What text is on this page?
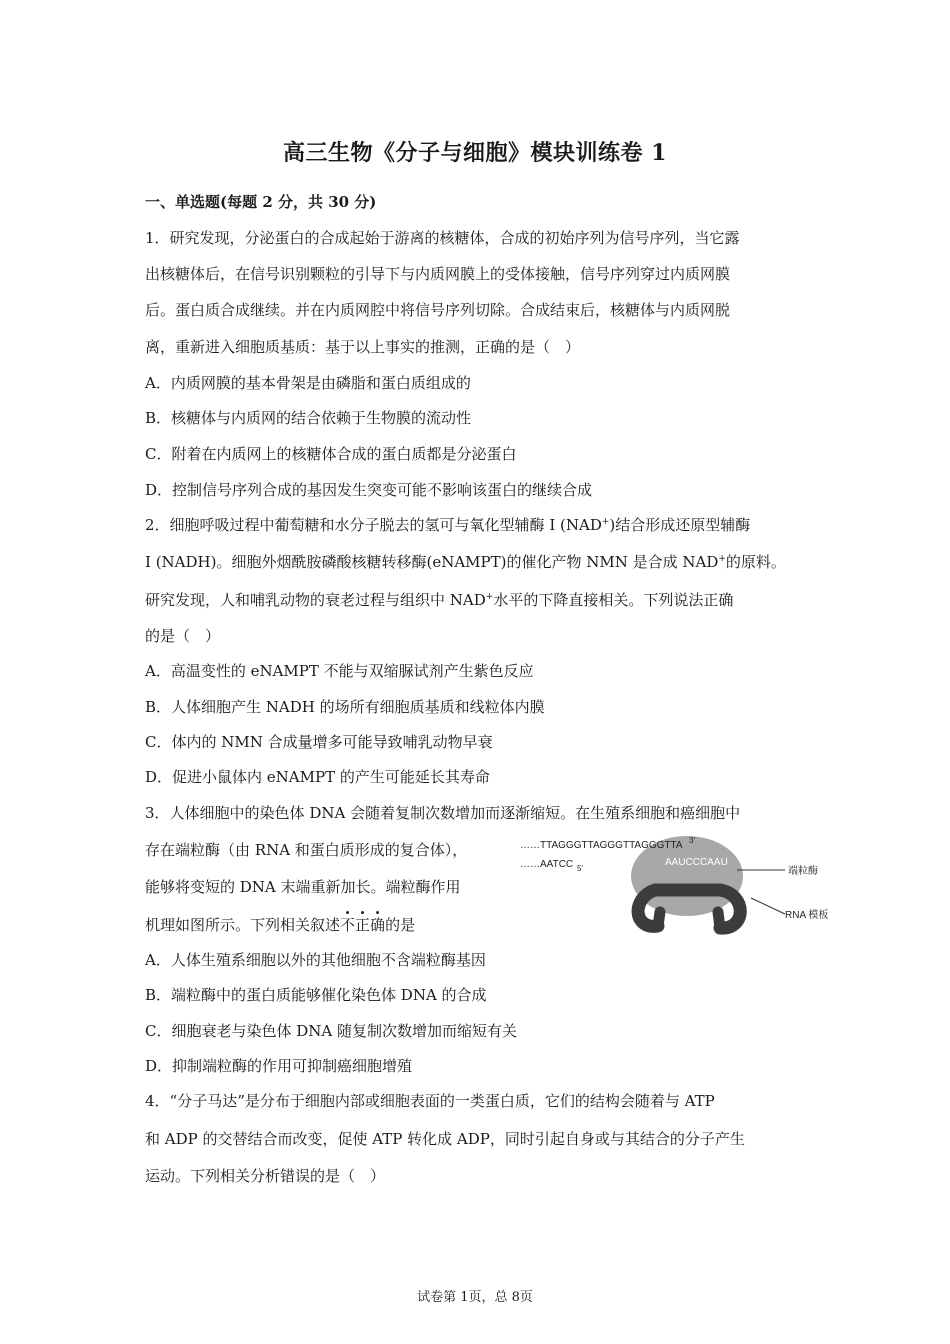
高三生物《分子与细胞》模块训练卷 1
一、单选题(每题 2 分，共 30 分)
1．研究发现，分泌蛋白的合成起始于游离的核糖体，合成的初始序列为信号序列，当它露
出核糖体后，在信号识别颗粒的引导下与内质网膜上的受体接触，信号序列穿过内质网膜
后。蛋白质合成继续。并在内质网腔中将信号序列切除。合成结束后，核糖体与内质网脱
离，重新进入细胞质基质：基于以上事实的推测，正确的是（　）
A．内质网膜的基本骨架是由磷脂和蛋白质组成的
B．核糖体与内质网的结合依赖于生物膜的流动性
C．附着在内质网上的核糖体合成的蛋白质都是分泌蛋白
D．控制信号序列合成的基因发生突变可能不影响该蛋白的继续合成
2．细胞呼吸过程中葡萄糖和水分子脱去的氢可与氧化型辅酶 I (NAD+)结合形成还原型辅酶
I (NADH)。细胞外烟酰胺磷酸核糖转移酶(eNAMPT)的催化产物 NMN 是合成 NAD+的原料。
研究发现，人和哺乳动物的衰老过程与组织中 NAD+水平的下降直接相关。下列说法正确
的是（　）
A．高温变性的 eNAMPT 不能与双缩脲试剂产生紫色反应
B．人体细胞产生 NADH 的场所有细胞质基质和线粒体内膜
C．体内的 NMN 合成量增多可能导致哺乳动物早衰
D．促进小鼠体内 eNAMPT 的产生可能延长其寿命
3．人体细胞中的染色体 DNA 会随着复制次数增加而逐渐缩短。在生殖系细胞和癌细胞中
存在端粒酶（由 RNA 和蛋白质形成的复合体），
能够将变短的 DNA 末端重新加长。端粒酶作用
机理如图所示。下列相关叙述不正确的是
……TTAGGGTTAGGGTTAGGGTTA 3′
……AATCC 5′
AAUCCCAAU
端粒酶
RNA 模板
A．人体生殖系细胞以外的其他细胞不含端粒酶基因
B．端粒酶中的蛋白质能够催化染色体 DNA 的合成
C．细胞衰老与染色体 DNA 随复制次数增加而缩短有关
D．抑制端粒酶的作用可抑制癌细胞增殖
4．“分子马达”是分布于细胞内部或细胞表面的一类蛋白质，它们的结构会随着与 ATP
和 ADP 的交替结合而改变，促使 ATP 转化成 ADP，同时引起自身或与其结合的分子产生
运动。下列相关分析错误的是（　）
试卷第 1页，总 8页
